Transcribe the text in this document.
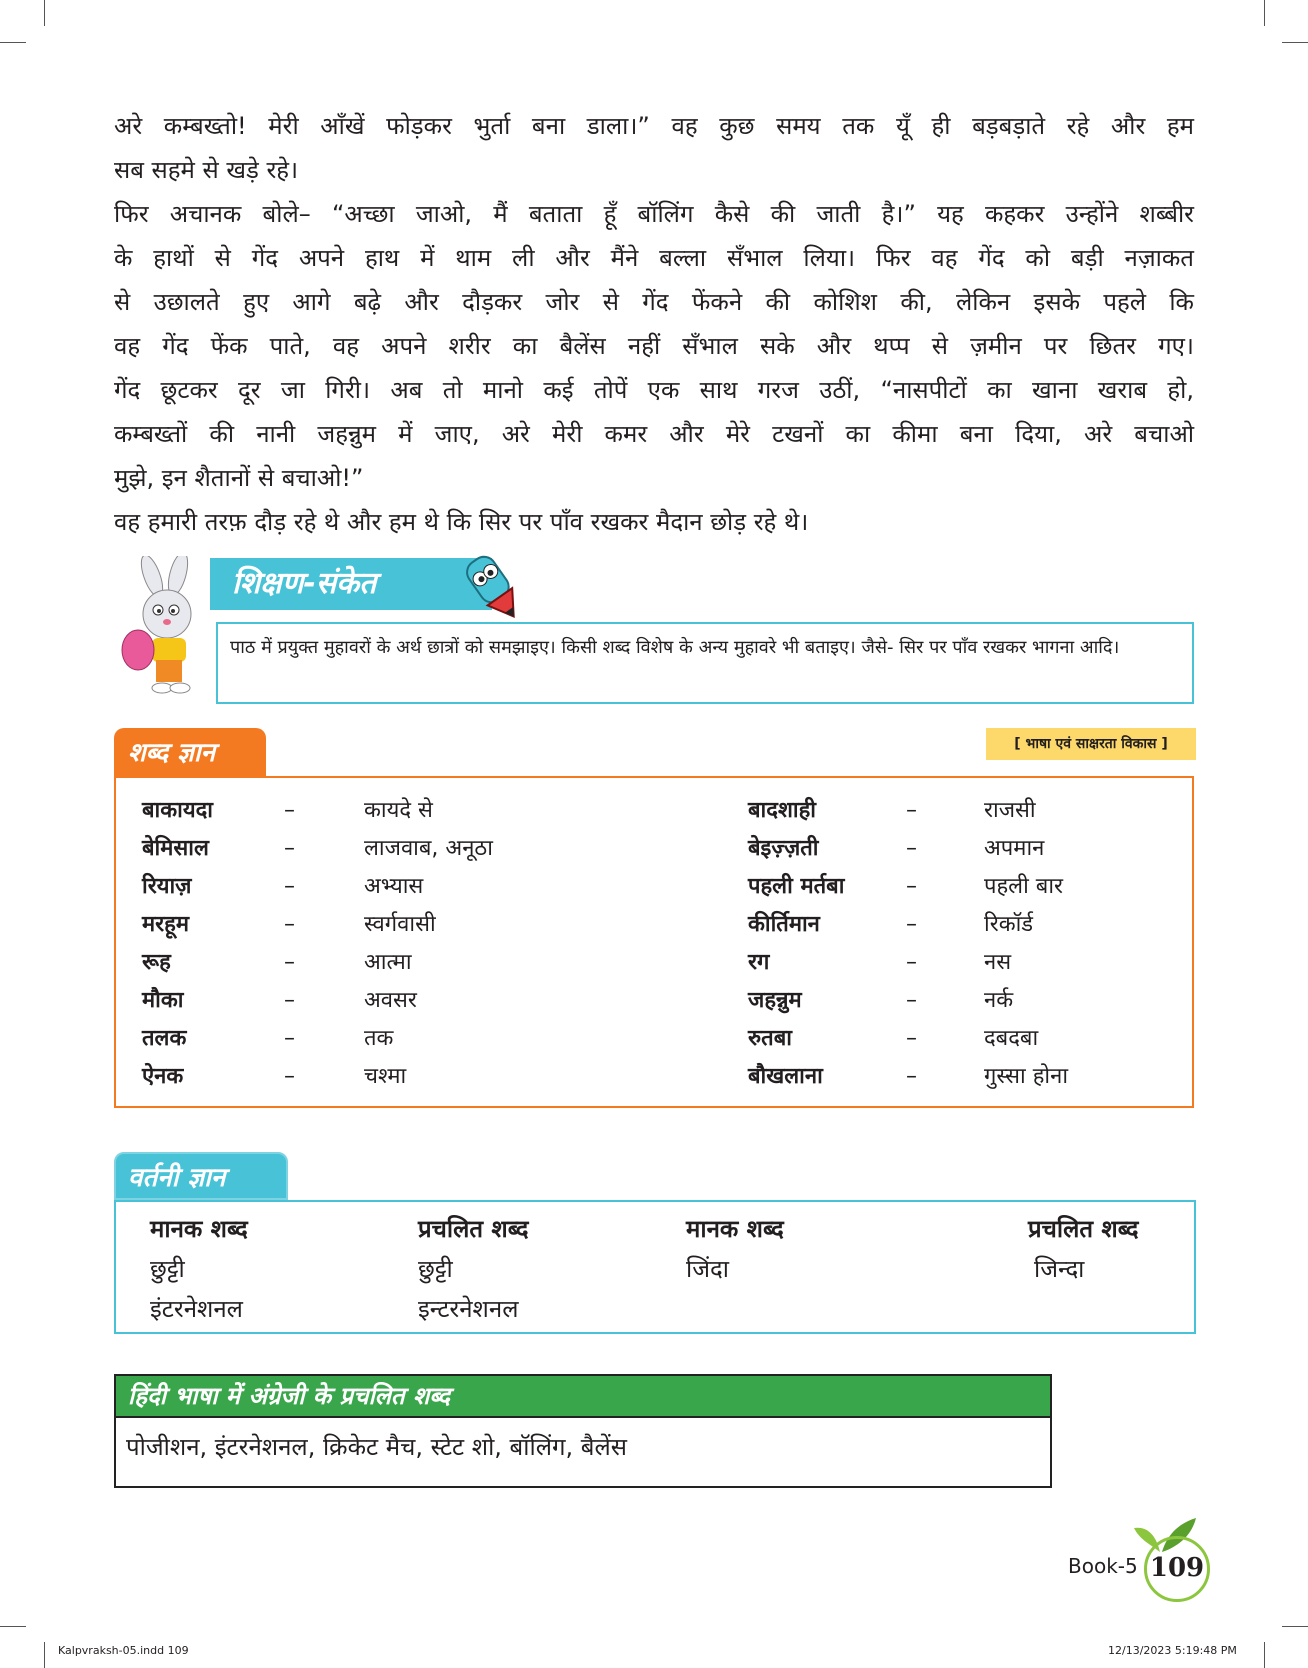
अरे कम्बख्तो! मेरी आँखें फोड़कर भुर्ता बना डाला।” वह कुछ समय तक यूँ ही बड़बड़ाते रहे और हम

सब सहमे से खड़े रहे।

फिर अचानक बोले– “अच्छा जाओ, मैं बताता हूँ बॉलिंग कैसे की जाती है।” यह कहकर उन्होंने शब्बीर

के हाथों से गेंद अपने हाथ में थाम ली और मैंने बल्ला सँभाल लिया। फिर वह गेंद को बड़ी नज़ाकत

से उछालते हुए आगे बढ़े और दौड़कर जोर से गेंद फेंकने की कोशिश की, लेकिन इसके पहले कि

वह गेंद फेंक पाते, वह अपने शरीर का बैलेंस नहीं सँभाल सके और थप्प से ज़मीन पर छितर गए।

गेंद छूटकर दूर जा गिरी। अब तो मानो कई तोपें एक साथ गरज उठीं, “नासपीटों का खाना खराब हो,

कम्बख्तों की नानी जहन्नुम में जाए, अरे मेरी कमर और मेरे टखनों का कीमा बना दिया, अरे बचाओ

मुझे, इन शैतानों से बचाओ!”

वह हमारी तरफ़ दौड़ रहे थे और हम थे कि सिर पर पाँव रखकर मैदान छोड़ रहे थे।

शिक्षण-संकेत
पाठ में प्रयुक्त मुहावरों के अर्थ छात्रों को समझाइए। किसी शब्द विशेष के अन्य मुहावरे भी बताइए। जैसे- सिर पर पाँव रखकर भागना आदि।
शब्द ज्ञान	[ भाषा एवं साक्षरता विकास ]
बाकायदा	–	कायदे से	बादशाही	–	राजसी
बेमिसाल	–	लाजवाब, अनूठा	बेइज़्ज़ती	–	अपमान
रियाज़	–	अभ्यास	पहली मर्तबा	–	पहली बार
मरहूम	–	स्वर्गवासी	कीर्तिमान	–	रिकॉर्ड
रूह	–	आत्मा	रग	–	नस
मौका	–	अवसर	जहन्नुम	–	नर्क
तलक	–	तक	रुतबा	–	दबदबा
ऐनक	–	चश्मा	बौखलाना	–	गुस्सा होना
वर्तनी ज्ञान
मानक शब्द	प्रचलित शब्द	मानक शब्द	प्रचलित शब्द
छुट्टी	छुट्टी	जिंदा	जिन्दा
इंटरनेशनल	इन्टरनेशनल
हिंदी भाषा में अंग्रेजी के प्रचलित शब्द
पोजीशन, इंटरनेशनल, क्रिकेट मैच, स्टेट शो, बॉलिंग, बैलेंस
Book-5 109
Kalpvraksh-05.indd 109	12/13/2023 5:19:48 PM
